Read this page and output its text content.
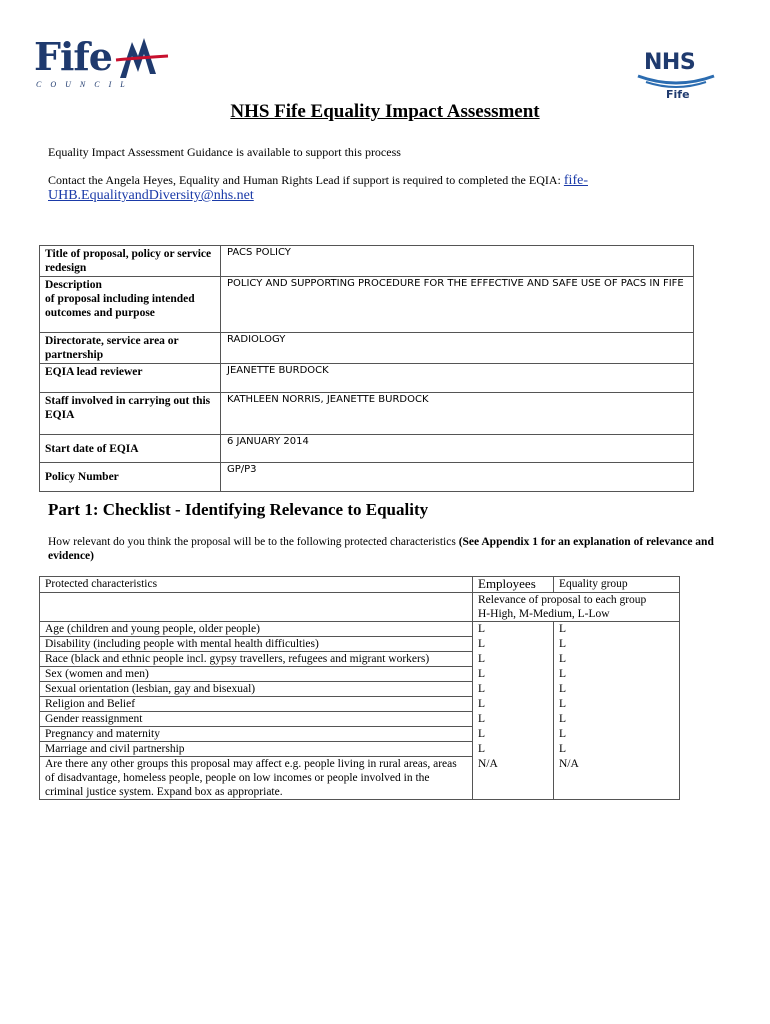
Fife
COUNCIL
NHS
Fife
NHS Fife Equality Impact Assessment
Equality Impact Assessment Guidance is available to support this process
Contact the Angela Heyes, Equality and Human Rights Lead if support is required to completed the EQIA: fife-
UHB.EqualityandDiversity@nhs.net
Title of proposal, policy or service redesign	PACS POLICY
Description
of proposal including intended outcomes and purpose	POLICY AND SUPPORTING PROCEDURE FOR THE EFFECTIVE AND SAFE USE OF PACS IN FIFE
Directorate, service area or partnership	RADIOLOGY
EQIA lead reviewer	JEANETTE BURDOCK
Staff involved in carrying out this EQIA	KATHLEEN NORRIS, JEANETTE BURDOCK
Start date of EQIA	6 JANUARY 2014
Policy Number	GP/P3
Part 1: Checklist - Identifying Relevance to Equality
How relevant do you think the proposal will be to the following protected characteristics (See Appendix 1 for an explanation of relevance and evidence)
Protected characteristics	Employees	Equality group

	Relevance of proposal to each group
H-High, M-Medium, L-Low	

Age (children and young people, older people)	L	L
Disability (including people with mental health difficulties)	L	L
Race (black and ethnic people incl. gypsy travellers, refugees and migrant workers)	L	L
Sex (women and men)	L	L
Sexual orientation (lesbian, gay and bisexual)	L	L
Religion and Belief	L	L
Gender reassignment	L	L
Pregnancy and maternity	L	L
Marriage and civil partnership	L	L
Are there any other groups this proposal may affect e.g. people living in rural areas, areas of disadvantage, homeless people, people on low incomes or people involved in the criminal justice system. Expand box as appropriate.	N/A	N/A
